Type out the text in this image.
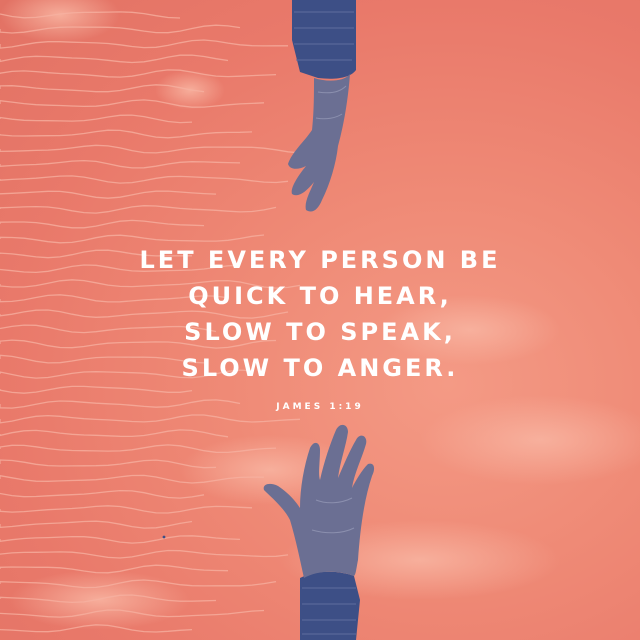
LET EVERY PERSON BE
QUICK TO HEAR,
SLOW TO SPEAK,
SLOW TO ANGER.
JAMES 1:19
